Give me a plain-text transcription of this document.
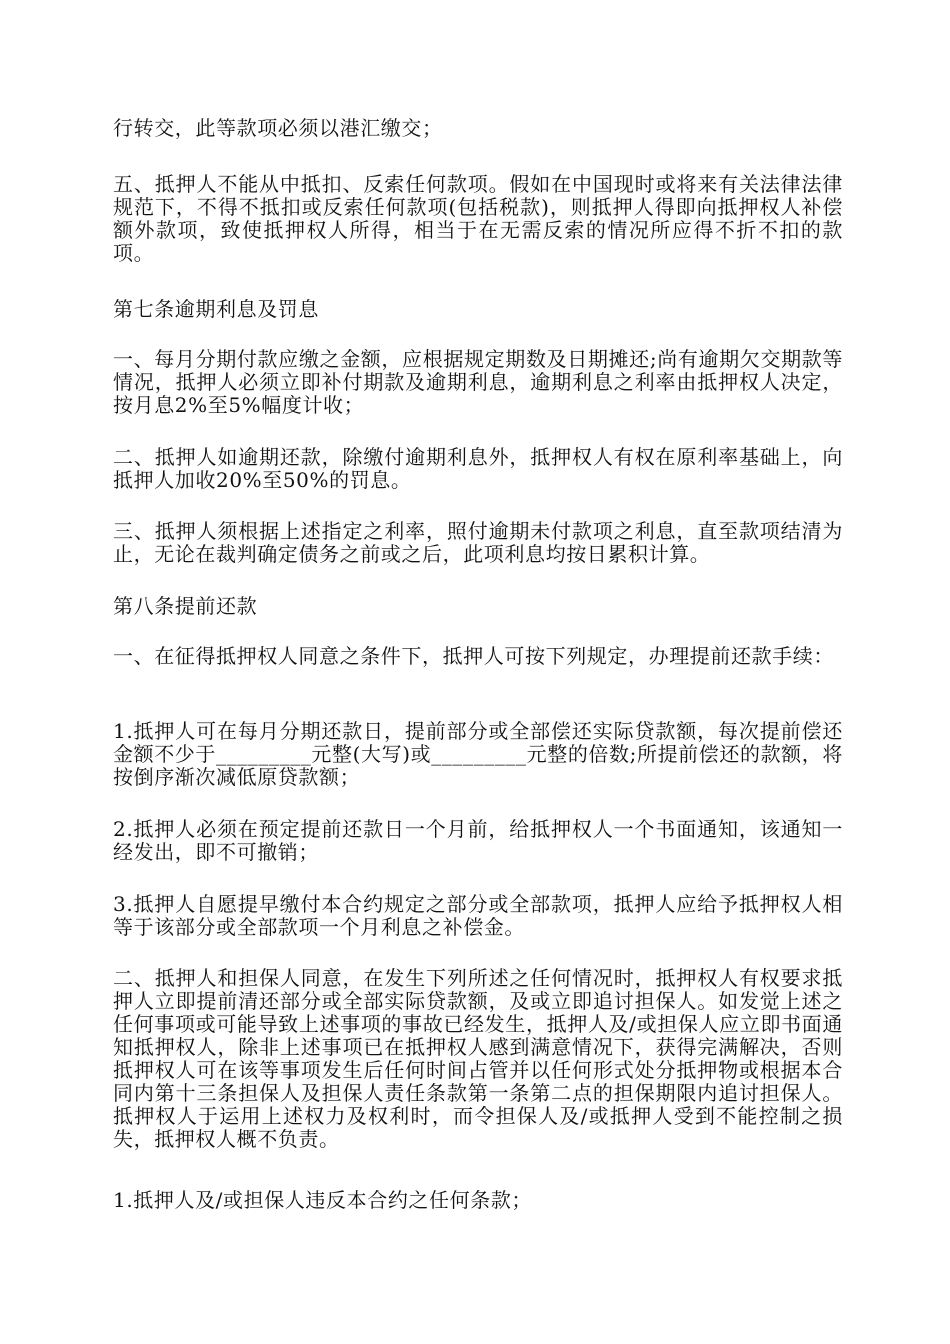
行转交，此等款项必须以港汇缴交；

五、抵押人不能从中抵扣、反索任何款项。假如在中国现时或将来有关法律法律规范下，不得不抵扣或反索任何款项(包括税款)，则抵押人得即向抵押权人补偿额外款项，致使抵押权人所得，相当于在无需反索的情况所应得不折不扣的款项。

第七条逾期利息及罚息

一、每月分期付款应缴之金额，应根据规定期数及日期摊还;尚有逾期欠交期款等情况，抵押人必须立即补付期款及逾期利息，逾期利息之利率由抵押权人决定，按月息2%至5%幅度计收；

二、抵押人如逾期还款，除缴付逾期利息外，抵押权人有权在原利率基础上，向抵押人加收20%至50%的罚息。

三、抵押人须根据上述指定之利率，照付逾期未付款项之利息，直至款项结清为止，无论在裁判确定债务之前或之后，此项利息均按日累积计算。

第八条提前还款

一、在征得抵押权人同意之条件下，抵押人可按下列规定，办理提前还款手续：

1.抵押人可在每月分期还款日，提前部分或全部偿还实际贷款额，每次提前偿还金额不少于_________元整(大写)或_________元整的倍数;所提前偿还的款额，将按倒序渐次减低原贷款额；

2.抵押人必须在预定提前还款日一个月前，给抵押权人一个书面通知，该通知一经发出，即不可撤销；

3.抵押人自愿提早缴付本合约规定之部分或全部款项，抵押人应给予抵押权人相等于该部分或全部款项一个月利息之补偿金。

二、抵押人和担保人同意，在发生下列所述之任何情况时，抵押权人有权要求抵押人立即提前清还部分或全部实际贷款额，及或立即追讨担保人。如发觉上述之任何事项或可能导致上述事项的事故已经发生，抵押人及/或担保人应立即书面通知抵押权人，除非上述事项已在抵押权人感到满意情况下，获得完满解决，否则抵押权人可在该等事项发生后任何时间占管并以任何形式处分抵押物或根据本合同内第十三条担保人及担保人责任条款第一条第二点的担保期限内追讨担保人。抵押权人于运用上述权力及权利时，而令担保人及/或抵押人受到不能控制之损失，抵押权人概不负责。

1.抵押人及/或担保人违反本合约之任何条款；
